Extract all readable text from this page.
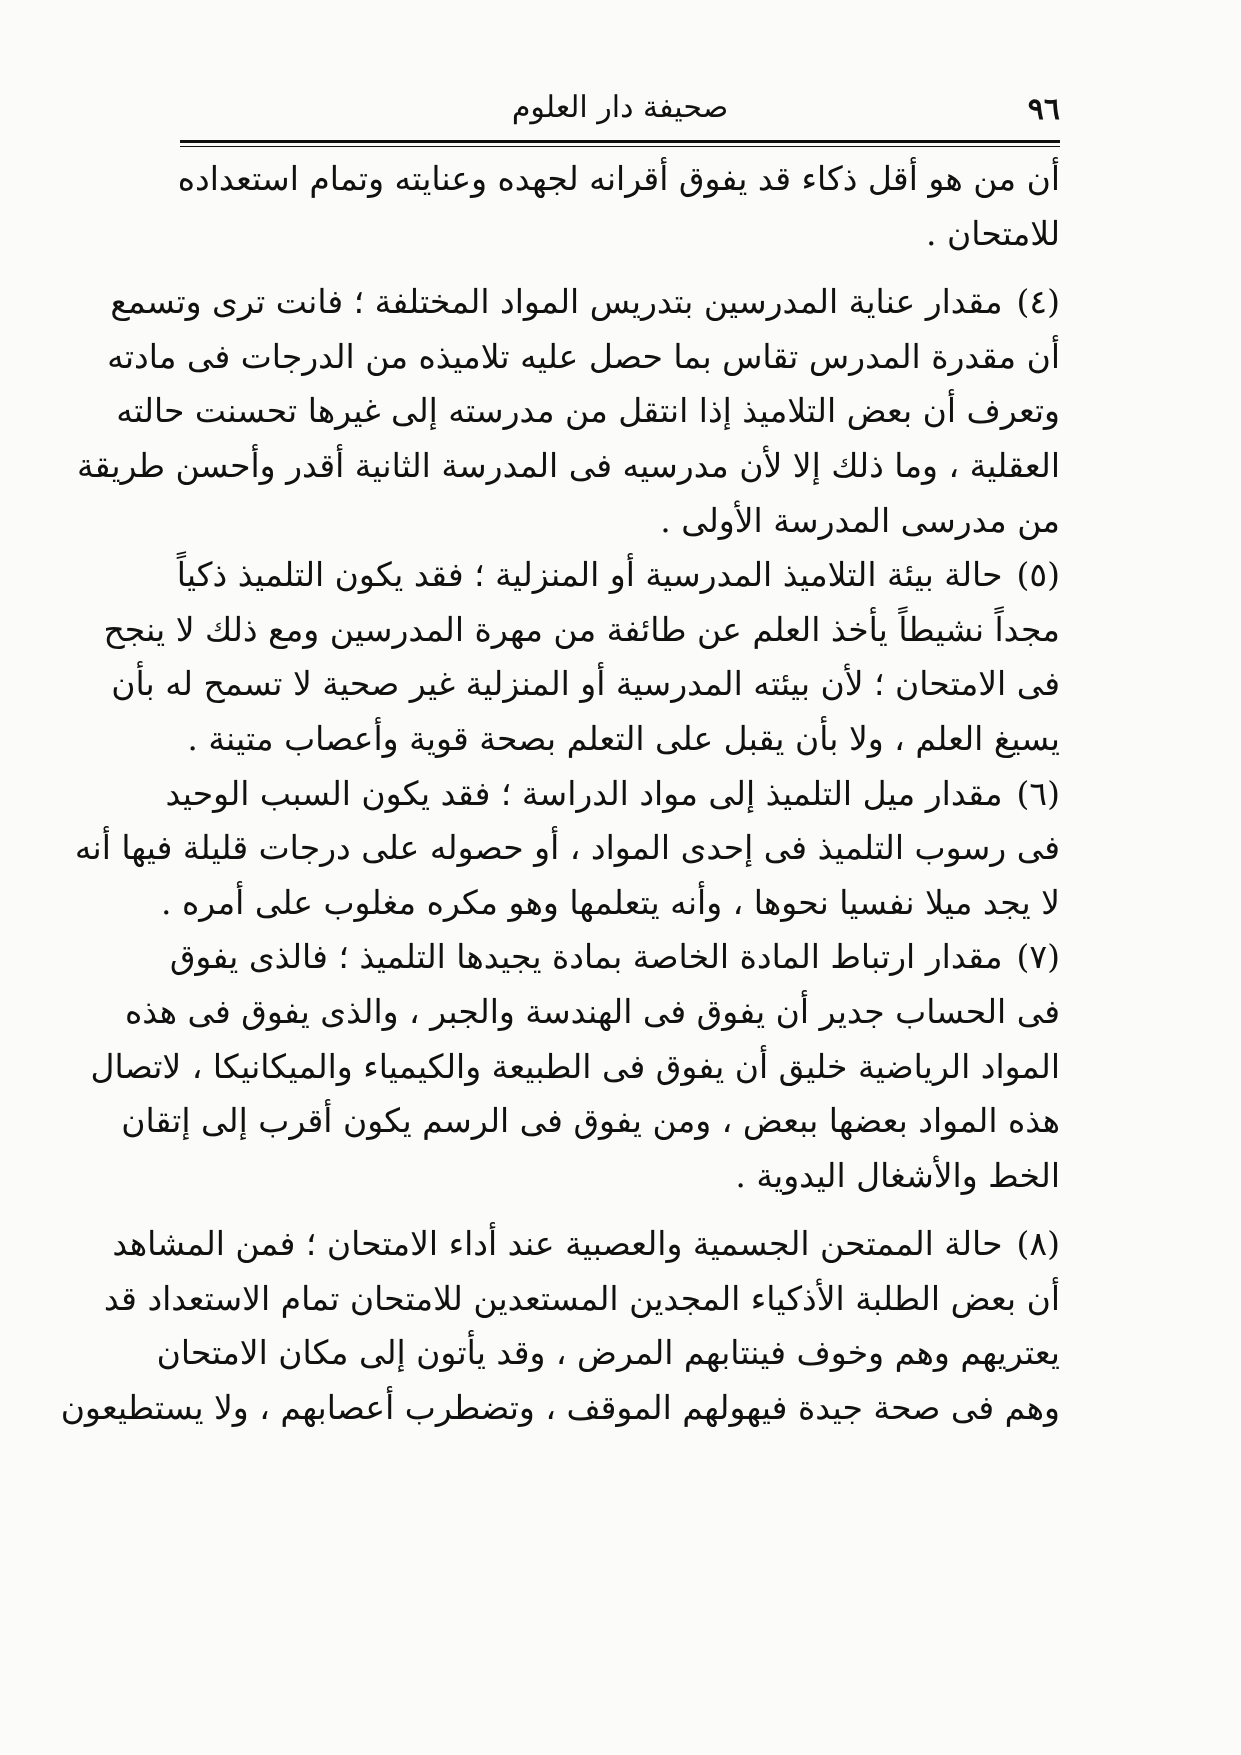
٩٦
صحيفة دار العلوم
أن من هو أقل ذكاء قد يفوق أقرانه لجهده وعنايته وتمام استعداده
للامتحان .
(٤)مقدار عناية المدرسين بتدريس المواد المختلفة ؛ فانت ترى وتسمع
أن مقدرة المدرس تقاس بما حصل عليه تلاميذه من الدرجات فى مادته
وتعرف أن بعض التلاميذ إذا انتقل من مدرسته إلى غيرها تحسنت حالته
العقلية ، وما ذلك إلا لأن مدرسيه فى المدرسة الثانية أقدر وأحسن طريقة
من مدرسى المدرسة الأولى .
(٥)حالة بيئة التلاميذ المدرسية أو المنزلية ؛ فقد يكون التلميذ ذكياً
مجداً نشيطاً يأخذ العلم عن طائفة من مهرة المدرسين ومع ذلك لا ينجح
فى الامتحان ؛ لأن بيئته المدرسية أو المنزلية غير صحية لا تسمح له بأن
يسيغ العلم ، ولا بأن يقبل على التعلم بصحة قوية وأعصاب متينة .
(٦)مقدار ميل التلميذ إلى مواد الدراسة ؛ فقد يكون السبب الوحيد
فى رسوب التلميذ فى إحدى المواد ، أو حصوله على درجات قليلة فيها أنه
لا يجد ميلا نفسيا نحوها ، وأنه يتعلمها وهو مكره مغلوب على أمره .
(٧)مقدار ارتباط المادة الخاصة بمادة يجيدها التلميذ ؛ فالذى يفوق
فى الحساب جدير أن يفوق فى الهندسة والجبر ، والذى يفوق فى هذه
المواد الرياضية خليق أن يفوق فى الطبيعة والكيمياء والميكانيكا ، لاتصال
هذه المواد بعضها ببعض ، ومن يفوق فى الرسم يكون أقرب إلى إتقان
الخط والأشغال اليدوية .
(٨)حالة الممتحن الجسمية والعصبية عند أداء الامتحان ؛ فمن المشاهد
أن بعض الطلبة الأذكياء المجدين المستعدين للامتحان تمام الاستعداد قد
يعتريهم وهم وخوف فينتابهم المرض ، وقد يأتون إلى مكان الامتحان
وهم فى صحة جيدة فيهولهم الموقف ، وتضطرب أعصابهم ، ولا يستطيعون
